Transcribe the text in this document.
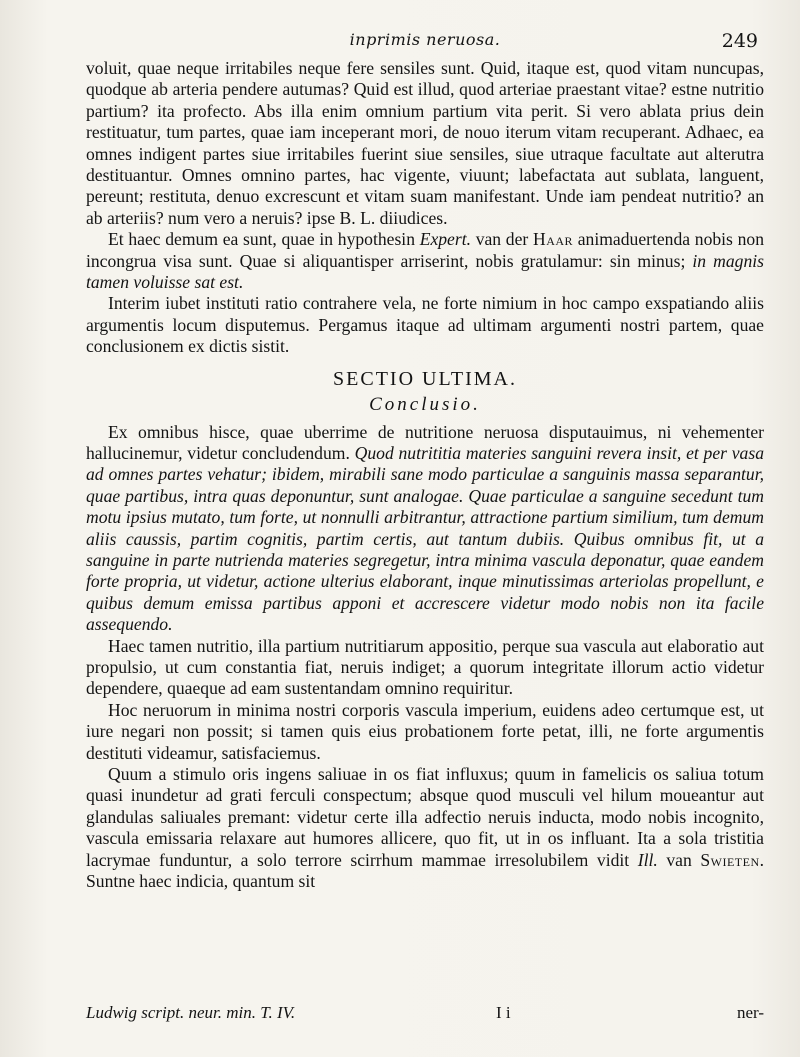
inprimis neruosa.	249

voluit, quae neque irritabiles neque fere sensiles sunt. Quid, itaque est, quod vitam nuncupas, quodque ab arteria pendere autumas? Quid est illud, quod arteriae praestant vitae? estne nutritio partium? ita profecto. Abs illa enim omnium partium vita perit. Si vero ablata prius dein restituatur, tum partes, quae iam inceperant mori, de nouo iterum vitam recuperant. Adhaec, ea omnes indigent partes siue irritabiles fuerint siue sensiles, siue utraque facultate aut alterutra destituantur. Omnes omnino partes, hac vigente, viuunt; labefactata aut sublata, languent, pereunt; restituta, denuo excrescunt et vitam suam manifestant. Unde iam pendeat nutritio? an ab arteriis? num vero a neruis? ipse B. L. diiudices.

Et haec demum ea sunt, quae in hypothesin Expert. van der Haar animaduertenda nobis non incongrua visa sunt. Quae si aliquantisper arriserint, nobis gratulamur: sin minus; in magnis tamen voluisse sat est.

Interim iubet instituti ratio contrahere vela, ne forte nimium in hoc campo exspatiando aliis argumentis locum disputemus. Pergamus itaque ad ultimam argumenti nostri partem, quae conclusionem ex dictis sistit.

SECTIO ULTIMA.
Conclusio.

Ex omnibus hisce, quae uberrime de nutritione neruosa disputauimus, ni vehementer hallucinemur, videtur concludendum. Quod nutrititia materies sanguini revera insit, et per vasa ad omnes partes vehatur; ibidem, mirabili sane modo particulae a sanguinis massa separantur, quae partibus, intra quas deponuntur, sunt analogae. Quae particulae a sanguine secedunt tum motu ipsius mutato, tum forte, ut nonnulli arbitrantur, attractione partium similium, tum demum aliis caussis, partim cognitis, partim certis, aut tantum dubiis. Quibus omnibus fit, ut a sanguine in parte nutrienda materies segregetur, intra minima vascula deponatur, quae eandem forte propria, ut videtur, actione ulterius elaborant, inque minutissimas arteriolas propellunt, e quibus demum emissa partibus apponi et accrescere videtur modo nobis non ita facile assequendo.

Haec tamen nutritio, illa partium nutritiarum appositio, perque sua vascula aut elaboratio aut propulsio, ut cum constantia fiat, neruis indiget; a quorum integritate illorum actio videtur dependere, quaeque ad eam sustentandam omnino requiritur.

Hoc neruorum in minima nostri corporis vascula imperium, euidens adeo certumque est, ut iure negari non possit; si tamen quis eius probationem forte petat, illi, ne forte argumentis destituti videamur, satisfaciemus.

Quum a stimulo oris ingens saliuae in os fiat influxus; quum in famelicis os saliua totum quasi inundetur ad grati ferculi conspectum; absque quod musculi vel hilum moueantur aut glandulas saliuales premant: videtur certe illa adfectio neruis inducta, modo nobis incognito, vascula emissaria relaxare aut humores allicere, quo fit, ut in os influant. Ita a sola tristitia lacrymae funduntur, a solo terrore scirrhum mammae irresolubilem vidit Ill. van Swieten. Suntne haec indicia, quantum sit

Ludwig script. neur. min. T. IV.	I i	ner-
